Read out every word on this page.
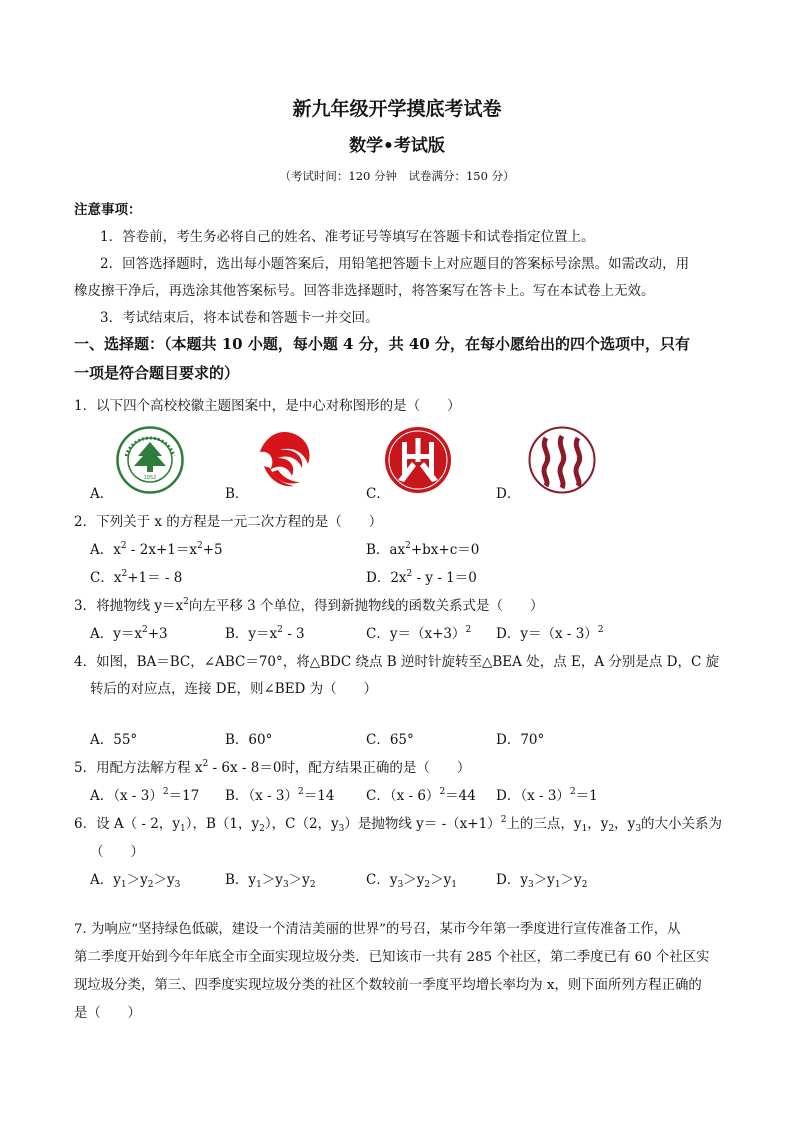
新九年级开学摸底考试卷
数学•考试版
（考试时间：120 分钟　试卷满分：150 分）
注意事项：
1．答卷前，考生务必将自己的姓名、准考证号等填写在答题卡和试卷指定位置上。
2．回答选择题时，选出每小题答案后，用铅笔把答题卡上对应题目的答案标号涂黑。如需改动，用
橡皮擦干净后，再选涂其他答案标号。回答非选择题时，将答案写在答卡上。写在本试卷上无效。
3．考试结束后，将本试卷和答题卡一并交回。
一、选择题：（本题共 10 小题，每小题 4 分，共 40 分，在每小愿给出的四个选项中，只有
一项是符合题目要求的）
1．以下四个高校校徽主题图案中，是中心对称图形的是（　　）
1952
A．	B．	C．	D．
2．下列关于 x 的方程是一元二次方程的是（　　）
A．$x^2 - 2x+1=x^2+5$	B．$ax^2+bx+c=0$
C．$x^2+1= - 8$	D．$2x^2 - y - 1=0$
3．将抛物线 $y=x^2$向左平移 3 个单位，得到新抛物线的函数关系式是（　　）
A．$y=x^2+3$	B．$y=x^2 - 3$	C．$y=(x+3)^2$ D．y＝（x - 3）$^2$
4．如图，BA＝BC，∠ABC＝70°，将△BDC 绕点 B 逆时针旋转至△BEA 处，点 E，A 分别是点 D，C 旋
转后的对应点，连接 DE，则∠BED 为（　　）
A．55°	B．60°	C．65°	D．70°
5．用配方法解方程 $x^2 - 6x - 8=0$时，配方结果正确的是（　　）
A．（x - 3）$^2$＝17 B．（x - 3）$^2$＝14 C．（x - 6）$^2$＝44 D．（x - 3）$^2$＝1
6．设 A（ - 2，$y_1$），B（1，$y_2$），C（2，$y_3$）是抛物线 $y= -(x+1)^2$上的三点，$y_1$，$y_2$，$y_3$的大小关系为
（　　）
A．$y_1>y_2>y_3$	B．$y_1>y_3>y_2$	C．$y_3>y_2>y_1$	D．$y_3>y_1>y_2$
7. 为响应“坚持绿色低碳，建设一个清洁美丽的世界”的号召，某市今年第一季度进行宣传准备工作，从
第二季度开始到今年年底全市全面实现垃圾分类．已知该市一共有 285 个社区，第二季度已有 60 个社区实
现垃圾分类，第三、四季度实现垃圾分类的社区个数较前一季度平均增长率均为 x，则下面所列方程正确的
是（　　）
